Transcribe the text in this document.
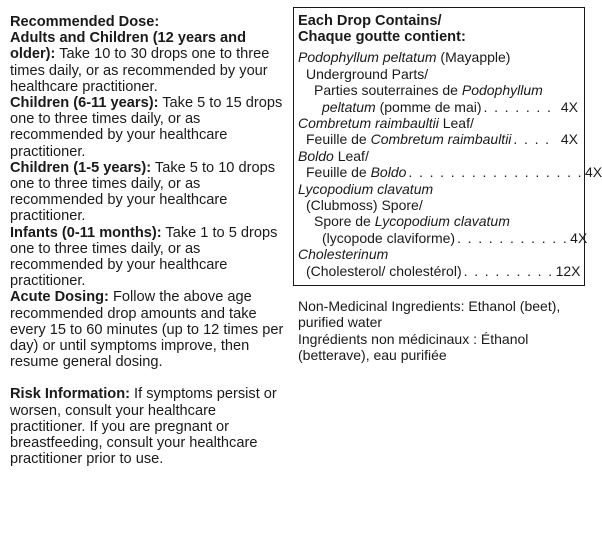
Recommended Dose:
Adults and Children (12 years and older): Take 10 to 30 drops one to three times daily, or as recommended by your healthcare practitioner.
Children (6-11 years): Take 5 to 15 drops one to three times daily, or as recommended by your healthcare practitioner.
Children (1-5 years): Take 5 to 10 drops one to three times daily, or as recommended by your healthcare practitioner.
Infants (0-11 months): Take 1 to 5 drops one to three times daily, or as recommended by your healthcare practitioner.
Acute Dosing: Follow the above age recommended drop amounts and take every 15 to 60 minutes (up to 12 times per day) or until symptoms improve, then resume general dosing.

Risk Information: If symptoms persist or worsen, consult your healthcare practitioner. If you are pregnant or breastfeeding, consult your healthcare practitioner prior to use.

Each Drop Contains/
Chaque goutte contient:
Podophyllum peltatum (Mayapple)
Underground Parts/
Parties souterraines de Podophyllum
peltatum (pomme de mai) . . . . . . . 4X
Combretum raimbaultii Leaf/
Feuille de Combretum raimbaultii . . . . 4X
Boldo Leaf/
Feuille de Boldo . . . . . . . . . . . . . . . . . 4X
Lycopodium clavatum
(Clubmoss) Spore/
Spore de Lycopodium clavatum
(lycopode claviforme) . . . . . . . . . . . 4X
Cholesterinum
(Cholesterol/ cholestérol) . . . . . . . . . 12X

Non-Medicinal Ingredients: Ethanol (beet), purified water

Ingrédients non médicinaux : Éthanol (betterave), eau purifiée
